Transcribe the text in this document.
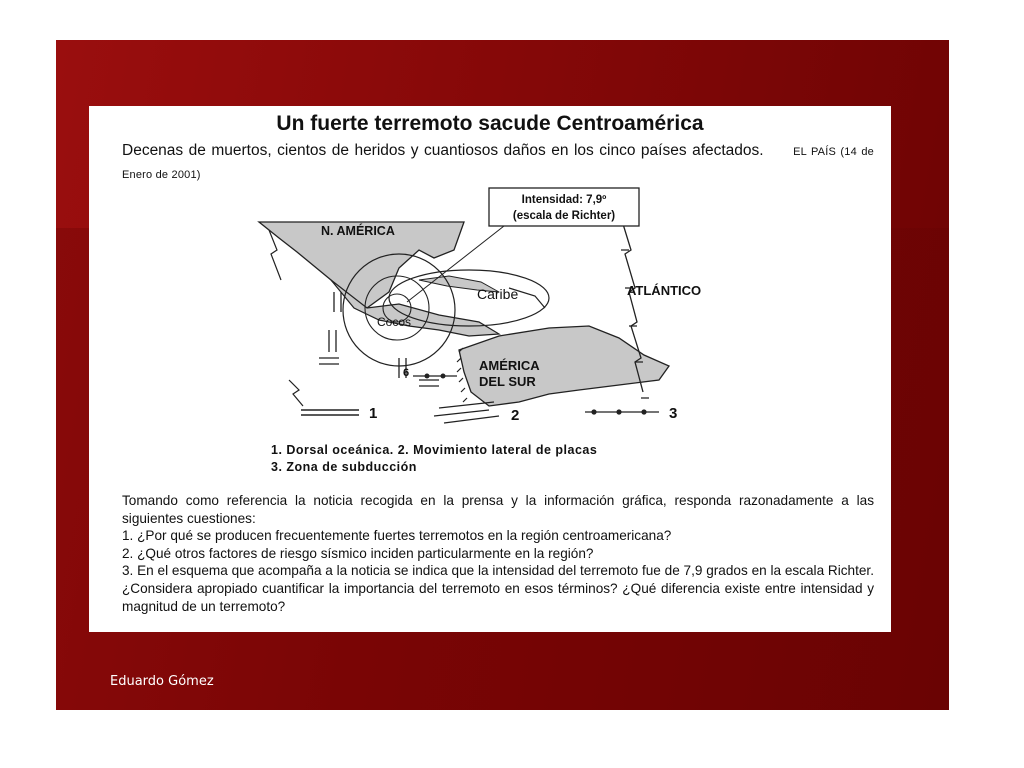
Un fuerte terremoto sacude Centroamérica

Decenas de muertos, cientos de heridos y cuantiosos daños en los cinco países afectados.	EL PAÍS (14 de Enero de 2001)

Intensidad: 7,9º
(escala de Richter)
N. AMÉRICA
Caribe
Cocos
ATLÁNTICO
AMÉRICA
DEL SUR
6
1	2	3
1. Dorsal oceánica. 2. Movimiento lateral de placas
3. Zona de subducción

Tomando como referencia la noticia recogida en la prensa y la información gráfica, responda razonadamente a las siguientes cuestiones:

1. ¿Por qué se producen frecuentemente fuertes terremotos en la región centroamericana?

2. ¿Qué otros factores de riesgo sísmico inciden particularmente en la región?

3. En el esquema que acompaña a la noticia se indica que la intensidad del terremoto fue de 7,9 grados en la escala Richter. ¿Considera apropiado cuantificar la importancia del terremoto en esos términos? ¿Qué diferencia existe entre intensidad y magnitud de un terremoto?

Eduardo Gómez
